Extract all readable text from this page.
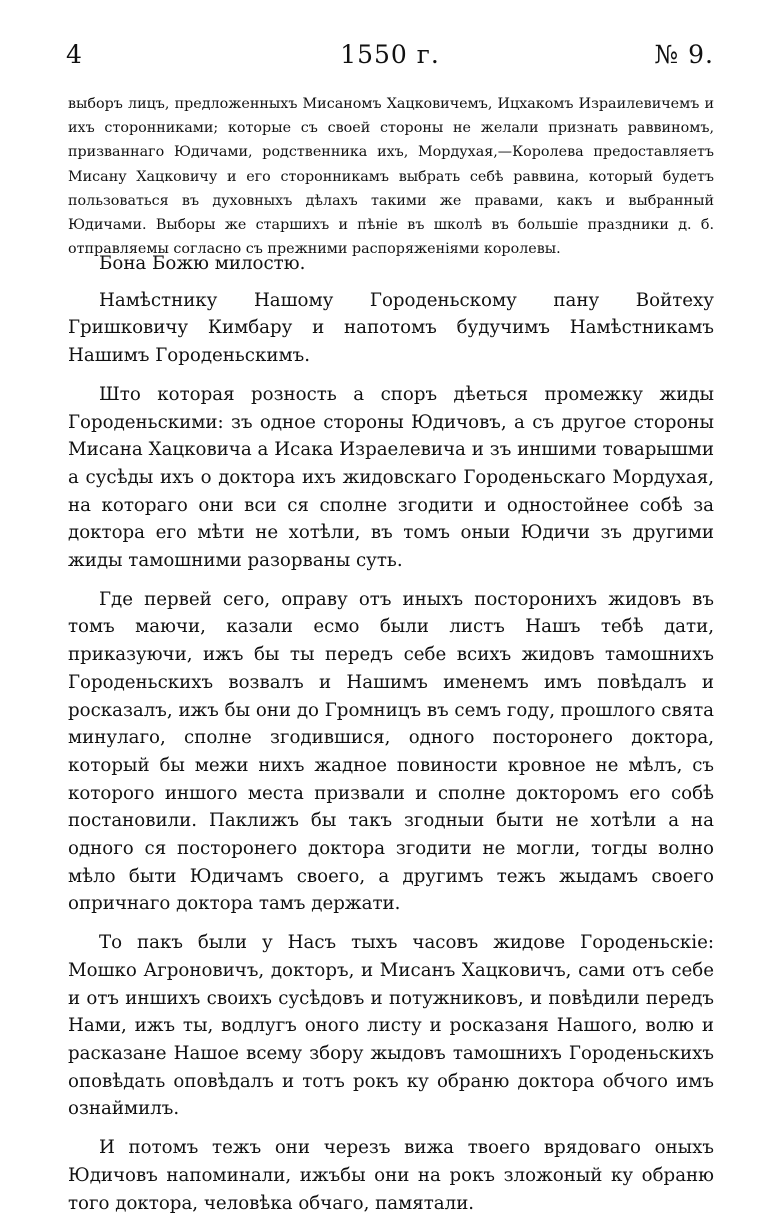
4	1550 г.	№ 9.

выборъ лицъ, предложенныхъ Мисаномъ Хацковичемъ, Ицхакомъ Израилевичемъ и ихъ сторонниками; которые съ своей стороны не желали признать раввиномъ, призваннаго Юдичами, родственника ихъ, Мордухая,—Королева предоставляетъ Мисану Хацковичу и его сторонникамъ выбрать себѣ раввина, который будетъ пользоваться въ духовныхъ дѣлахъ такими же правами, какъ и выбранный Юдичами. Выборы же старшихъ и пѣніе въ школѣ въ большіе праздники д. б. отправляемы согласно съ прежними распоряженіями королевы.

Бона Божю милостю.

Намѣстнику Нашому Городеньскому пану Войтеху Гришковичу Кимбару и напотомъ будучимъ Намѣстникамъ Нашимъ Городеньскимъ.

Што которая розность а споръ дѣеться промежку жиды Городеньскими: зъ одное стороны Юдичовъ, а съ другое стороны Мисана Хацковича а Исака Израелевича и зъ иншими товарышми а сусѣды ихъ о доктора ихъ жидовскаго Городеньскаго Мордухая, на котораго они вси ся сполне згодити и одностойнее собѣ за доктора его мѣти не хотѣли, въ томъ оныи Юдичи зъ другими жиды тамошними разорваны суть.

Где первей сего, оправу отъ иныхъ посторонихъ жидовъ въ томъ маючи, казали есмо были листъ Нашъ тебѣ дати, приказуючи, ижъ бы ты передъ себе всихъ жидовъ тамошнихъ Городеньскихъ возвалъ и Нашимъ именемъ имъ повѣдалъ и росказалъ, ижъ бы они до Громницъ въ семъ году, прошлого свята минулаго, сполне згодившися, одного посторонего доктора, который бы межи нихъ жадное повиности кровное не мѣлъ, съ которого иншого места призвали и сполне докторомъ его собѣ постановили. Паклижъ бы такъ згодныи быти не хотѣли а на одного ся посторонего доктора згодити не могли, тогды волно мѣло быти Юдичамъ своего, а другимъ тежъ жыдамъ своего опричнаго доктора тамъ держати.

То пакъ были у Насъ тыхъ часовъ жидове Городеньскіе: Мошко Агроновичъ, докторъ, и Мисанъ Хацковичъ, сами отъ себе и отъ иншихъ своихъ сусѣдовъ и потужниковъ, и повѣдили передъ Нами, ижъ ты, водлугъ оного листу и росказаня Нашого, волю и расказане Нашое всему збору жыдовъ тамошнихъ Городеньскихъ оповѣдать оповѣдалъ и тотъ рокъ ку обраню доктора обчого имъ ознаймилъ.

И потомъ тежъ они черезъ вижа твоего врядоваго оныхъ Юдичовъ напоминали, ижъбы они на рокъ зложоный ку обраню того доктора, человѣка обчаго, памятали.
